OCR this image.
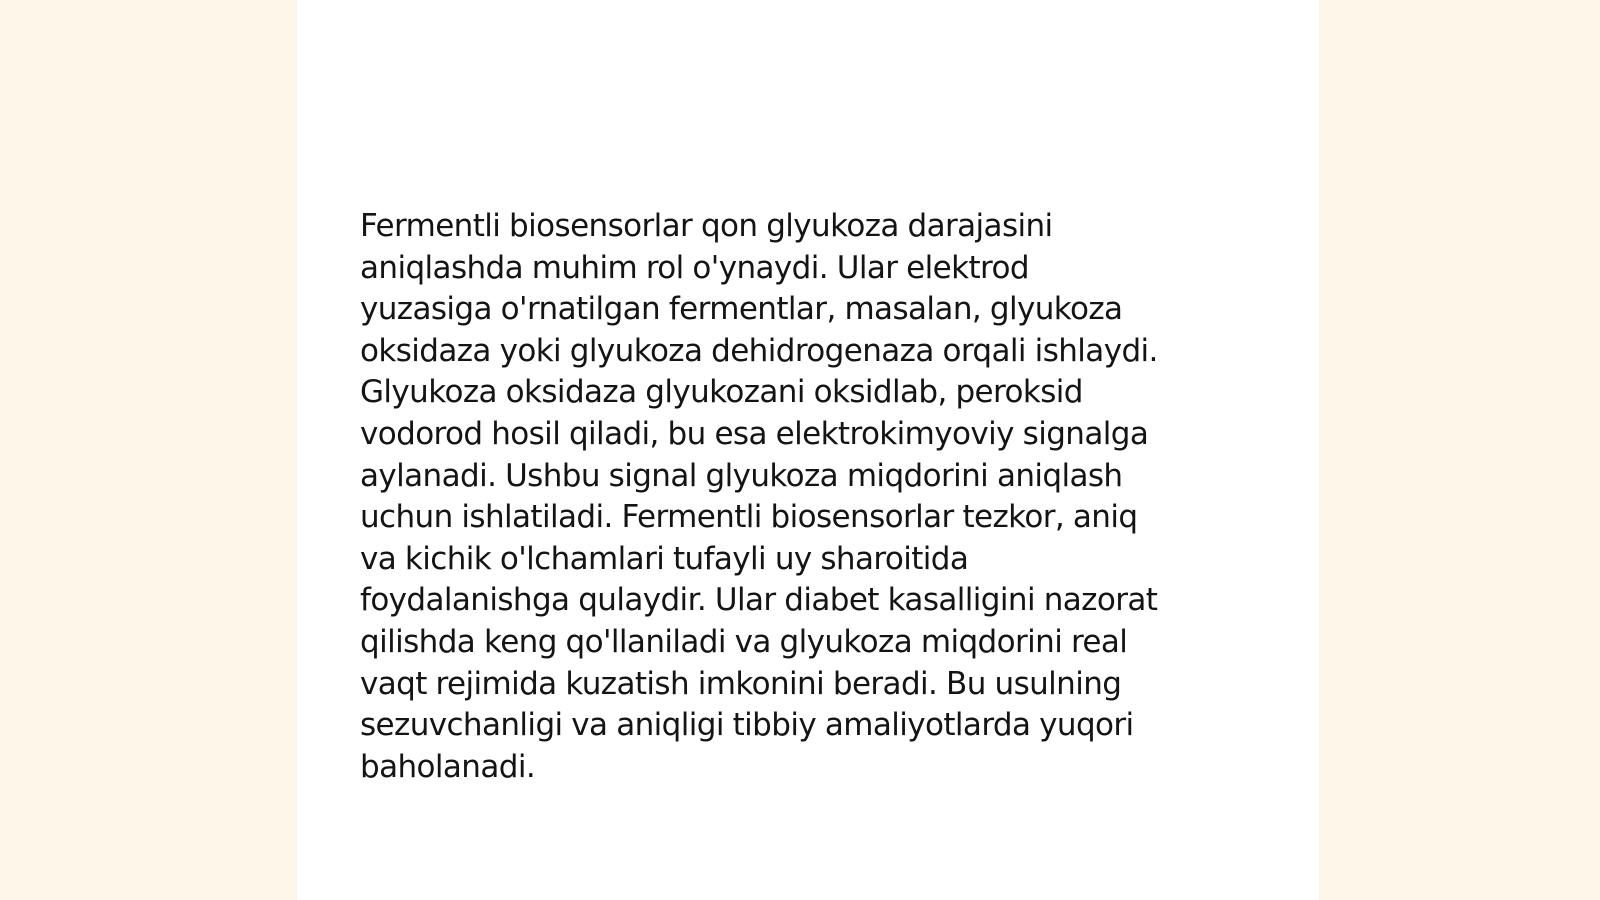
Fermentli biosensorlar qon glyukoza darajasini
aniqlashda muhim rol o'ynaydi. Ular elektrod
yuzasiga o'rnatilgan fermentlar, masalan, glyukoza
oksidaza yoki glyukoza dehidrogenaza orqali ishlaydi.
Glyukoza oksidaza glyukozani oksidlab, peroksid
vodorod hosil qiladi, bu esa elektrokimyoviy signalga
aylanadi. Ushbu signal glyukoza miqdorini aniqlash
uchun ishlatiladi. Fermentli biosensorlar tezkor, aniq
va kichik o'lchamlari tufayli uy sharoitida
foydalanishga qulaydir. Ular diabet kasalligini nazorat
qilishda keng qo'llaniladi va glyukoza miqdorini real
vaqt rejimida kuzatish imkonini beradi. Bu usulning
sezuvchanligi va aniqligi tibbiy amaliyotlarda yuqori
baholanadi.
